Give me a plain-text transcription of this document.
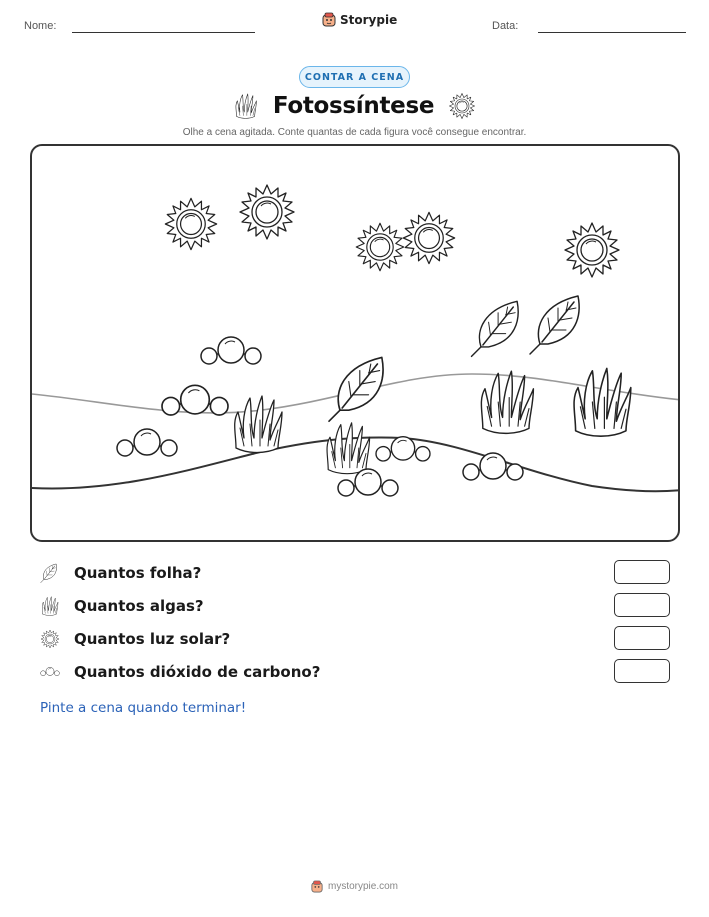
Nome:	Storypie	Data:
CONTAR A CENA
Fotossíntese
Olhe a cena agitada. Conte quantas de cada figura você consegue encontrar.
Quantos folha?
Quantos algas?
Quantos luz solar?
Quantos dióxido de carbono?
Pinte a cena quando terminar!
mystorypie.com
